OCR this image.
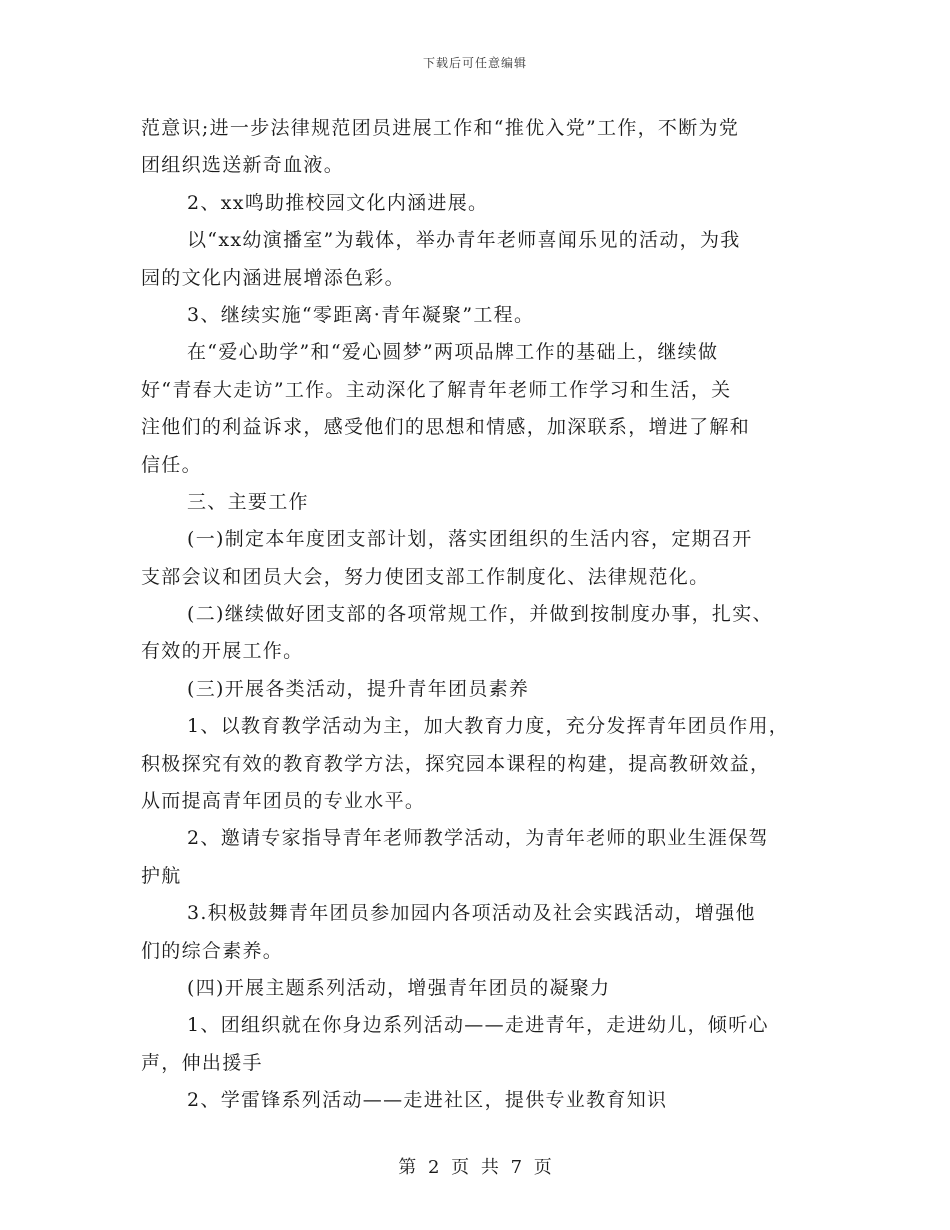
下载后可任意编辑
范意识;进一步法律规范团员进展工作和“推优入党”工作，不断为党
团组织选送新奇血液。
2、xx鸣助推校园文化内涵进展。
以“xx幼演播室”为载体，举办青年老师喜闻乐见的活动，为我
园的文化内涵进展增添色彩。
3、继续实施“零距离·青年凝聚”工程。
在“爱心助学”和“爱心圆梦”两项品牌工作的基础上，继续做
好“青春大走访”工作。主动深化了解青年老师工作学习和生活，关
注他们的利益诉求，感受他们的思想和情感，加深联系，增进了解和
信任。
三、主要工作
(一)制定本年度团支部计划，落实团组织的生活内容，定期召开
支部会议和团员大会，努力使团支部工作制度化、法律规范化。
(二)继续做好团支部的各项常规工作，并做到按制度办事，扎实、
有效的开展工作。
(三)开展各类活动，提升青年团员素养
1、以教育教学活动为主，加大教育力度，充分发挥青年团员作用，
积极探究有效的教育教学方法，探究园本课程的构建，提高教研效益，
从而提高青年团员的专业水平。
2、邀请专家指导青年老师教学活动，为青年老师的职业生涯保驾
护航
3.积极鼓舞青年团员参加园内各项活动及社会实践活动，增强他
们的综合素养。
(四)开展主题系列活动，增强青年团员的凝聚力
1、团组织就在你身边系列活动——走进青年，走进幼儿，倾听心
声，伸出援手
2、学雷锋系列活动——走进社区，提供专业教育知识
第 2 页 共 7 页
